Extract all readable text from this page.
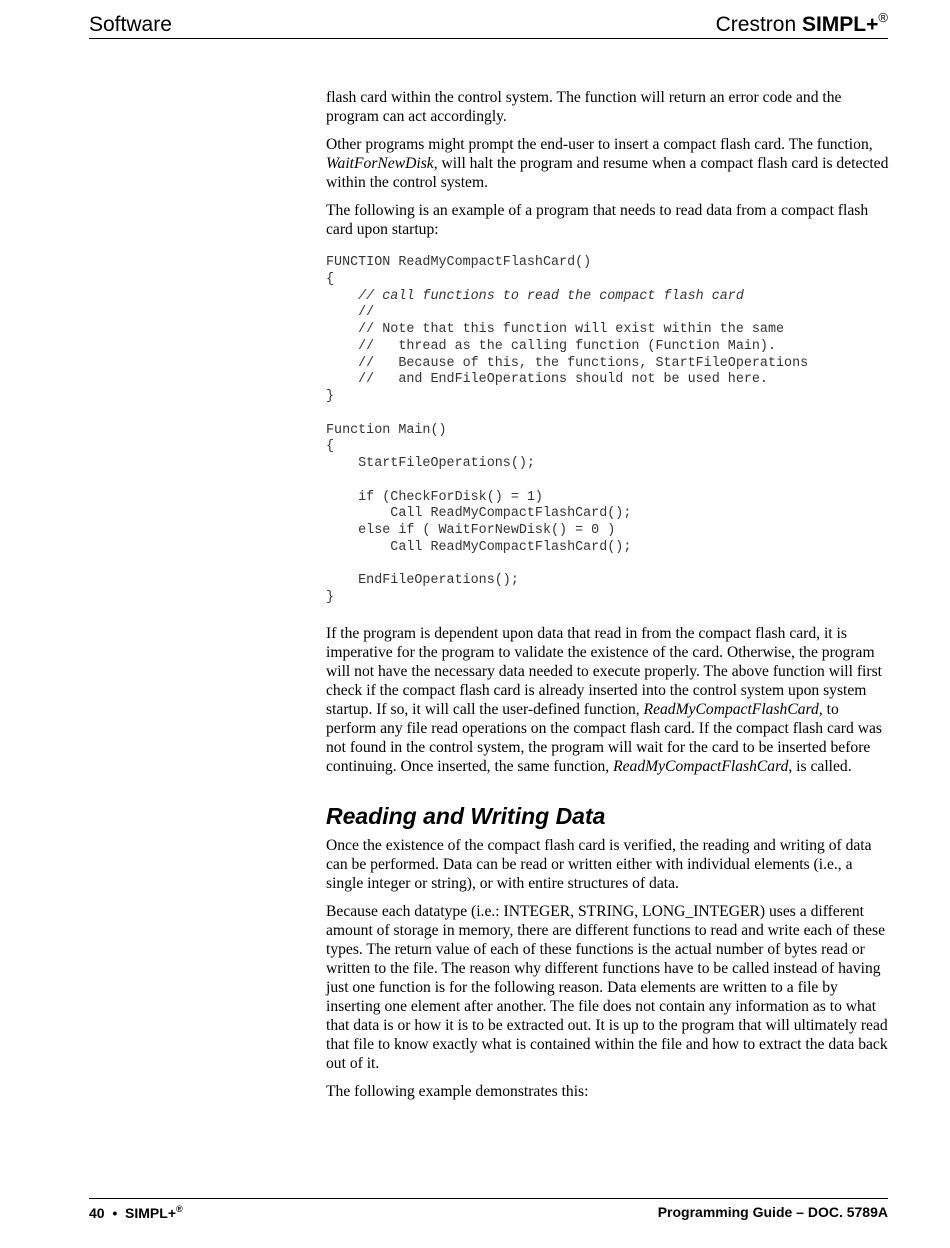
Software	Crestron SIMPL+®

flash card within the control system. The function will return an error code and the program can act accordingly.

Other programs might prompt the end-user to insert a compact flash card. The function, WaitForNewDisk, will halt the program and resume when a compact flash card is detected within the control system.

The following is an example of a program that needs to read data from a compact flash card upon startup:

FUNCTION ReadMyCompactFlashCard()
{
// call functions to read the compact flash card
//
// Note that this function will exist within the same
//   thread as the calling function (Function Main).
//   Because of this, the functions, StartFileOperations
//   and EndFileOperations should not be used here.
}
Function Main()
{
StartFileOperations();
if (CheckForDisk() = 1)
Call ReadMyCompactFlashCard();
else if ( WaitForNewDisk() = 0 )
Call ReadMyCompactFlashCard();
EndFileOperations();
}

If the program is dependent upon data that read in from the compact flash card, it is imperative for the program to validate the existence of the card. Otherwise, the program will not have the necessary data needed to execute properly. The above function will first check if the compact flash card is already inserted into the control system upon system startup. If so, it will call the user-defined function, ReadMyCompactFlashCard, to perform any file read operations on the compact flash card. If the compact flash card was not found in the control system, the program will wait for the card to be inserted before continuing. Once inserted, the same function, ReadMyCompactFlashCard, is called.

Reading and Writing Data

Once the existence of the compact flash card is verified, the reading and writing of data can be performed. Data can be read or written either with individual elements (i.e., a single integer or string), or with entire structures of data.

Because each datatype (i.e.: INTEGER, STRING, LONG_INTEGER) uses a different amount of storage in memory, there are different functions to read and write each of these types. The return value of each of these functions is the actual number of bytes read or written to the file. The reason why different functions have to be called instead of having just one function is for the following reason. Data elements are written to a file by inserting one element after another. The file does not contain any information as to what that data is or how it is to be extracted out. It is up to the program that will ultimately read that file to know exactly what is contained within the file and how to extract the data back out of it.

The following example demonstrates this:

40 • SIMPL+®	Programming Guide – DOC. 5789A
